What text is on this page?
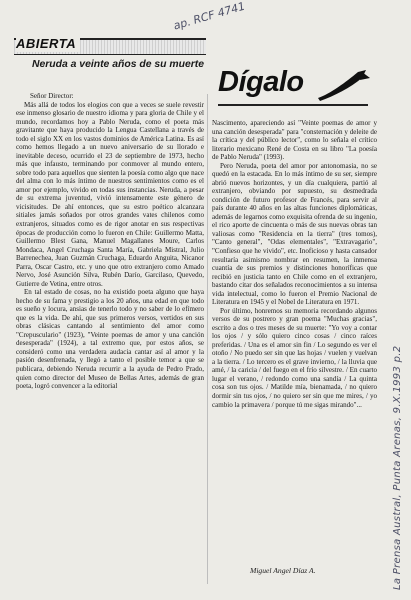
ap. RCF 4741
La Prensa Austral, Punta Arenas, 9.X.1993 p.2
ABIERTA
Dígalo
Neruda a veinte años de su muerte

Señor Director:

Más allá de todos los elogios con que a veces se suele revestir ese inmenso glosario de nuestro idioma y para gloria de Chile y el mundo, recordamos hoy a Pablo Neruda, como el poeta más gravitante que haya producido la Lengua Castellana a través de todo el siglo XX en los vastos dominios de América Latina. Es así como hemos llegado a un nuevo aniversario de su llorado e inevitable deceso, ocurrido el 23 de septiembre de 1973, hecho más que infausto, terminando por conmover al mundo entero, sobre todo para aquellos que sienten la poesía como algo que nace del alma con lo más íntimo de nuestros sentimientos como es el amor por ejemplo, vivido en todas sus instancias. Neruda, a pesar de su extrema juventud, vivió intensamente este género de vicisitudes. De ahí entonces, que su estro poético alcanzara sitiales jamás soñados por otros grandes vates chilenos como extranjeros, situados como es de rigor anotar en sus respectivas épocas de producción como lo fueron en Chile: Guillermo Matta, Guillermo Blest Gana, Manuel Magallanes Moure, Carlos Mondaca, Angel Cruchaga Santa María, Gabriela Mistral, Julio Barrenechea, Juan Guzmán Cruchaga, Eduardo Anguita, Nicanor Parra, Oscar Castro, etc. y uno que otro extranjero como Amado Nervo, José Asunción Silva, Rubén Darío, Garcilaso, Quevedo, Gutierre de Vetina, entre otros.

En tal estado de cosas, no ha existido poeta alguno que haya hecho de su fama y prestigio a los 20 años, una edad en que todo es sueño y locura, ansias de tenerlo todo y no saber de lo efímero que es la vida. De ahí, que sus primeros versos, vertidos en sus obras clásicas cantando al sentimiento del amor como "Crepusculario" (1923), "Veinte poemas de amor y una canción desesperada" (1924), a tal extremo que, por estos años, se consideró como una verdadera audacia cantar así al amor y la pasión desenfrenada, y llegó a tanto el posible temor a que se publicara, debiendo Neruda recurrir a la ayuda de Pedro Prado, quien como director del Museo de Bellas Artes, además de gran poeta, logró convencer a la editorial

Nascimento, apareciendo así "Veinte poemas de amor y una canción desesperada" para "consternación y deleite de la crítica y del público lector", como lo señala el crítico literario mexicano René de Costa en su libro "La poesía de Pablo Neruda" (1993).

Pero Neruda, poeta del amor por antonomasia, no se quedó en la estacada. En lo más íntimo de su ser, siempre abrió nuevos horizontes, y un día cualquiera, partió al extranjero, obviando por supuesto, su desmedrada condición de futuro profesor de Francés, para servir al país durante 40 años en las altas funciones diplomáticas, además de legarnos como exquisita ofrenda de su ingenio, el rico aporte de cincuenta o más de sus nuevas obras tan valiosas como "Residencia en la tierra" (tres tomos), "Canto general", "Odas elementales", "Extravagario", "Confieso que he vivido", etc. Inoficioso y hasta cansador resultaría asimismo nombrar en resumen, la inmensa cuantía de sus premios y distinciones honoríficas que recibió en justicia tanto en Chile como en el extranjero, bastando citar dos señalados reconocimientos a su intensa vida intelectual, como lo fueron el Premio Nacional de Literatura en 1945 y el Nobel de Literatura en 1971.

Por último, honremos su memoria recordando algunos versos de su postrero y gran poema "Muchas gracias", escrito a dos o tres meses de su muerte: "Yo voy a contar los ojos / y sólo quiero cinco cosas / cinco raíces preferidas. / Una es el amor sin fin / Lo segundo es ver el otoño / No puedo ser sin que las hojas / vuelen y vuelvan a la tierra. / Lo tercero es el grave invierno, / la lluvia que amé, / la caricia / del fuego en el frío silvestre. / En cuarto lugar el verano, / redondo como una sandía / La quinta cosa son tus ojos. / Matilde mía, bienamada, / no quiero dormir sin tus ojos, / no quiero ser sin que me mires, / yo cambio la primavera / porque tú me sigas mirando"...

Miguel Angel Díaz A.
